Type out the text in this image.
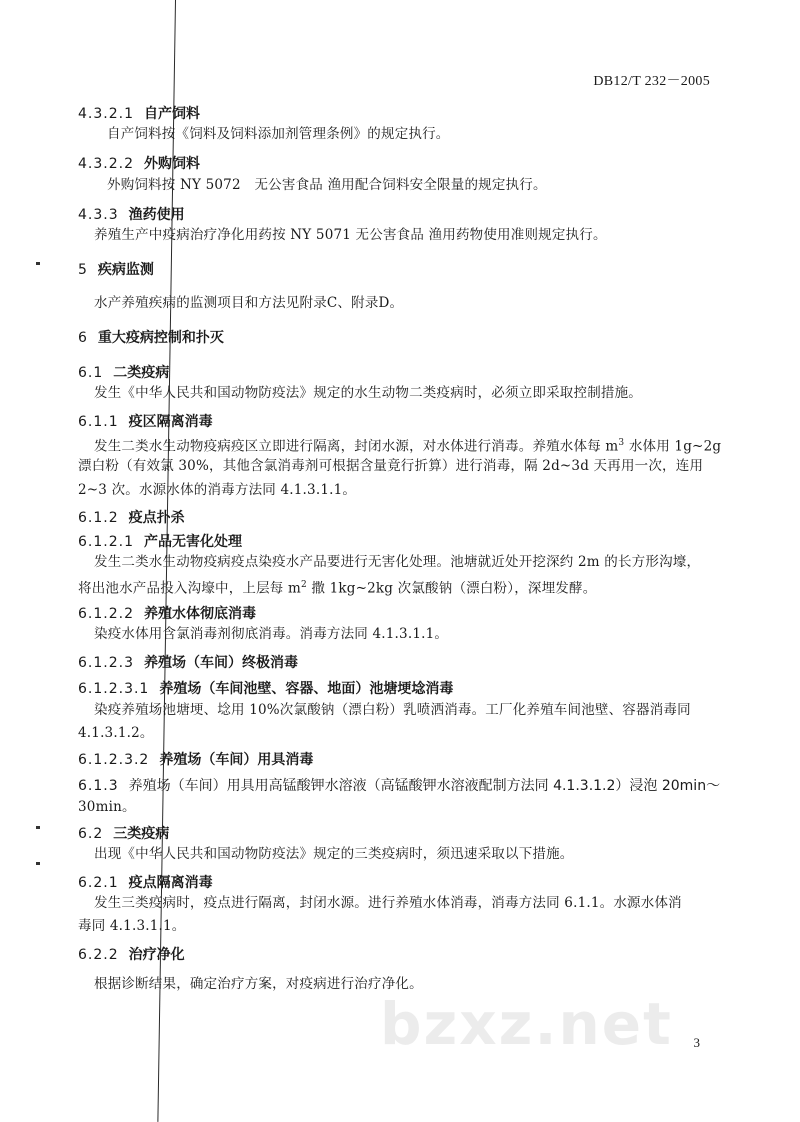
DB12/T 232－2005
4.3.2.1 自产饲料
自产饲料按《饲料及饲料添加剂管理条例》的规定执行。
4.3.2.2 外购饲料
外购饲料按 NY 5072　无公害食品 渔用配合饲料安全限量的规定执行。
4.3.3 渔药使用
养殖生产中疫病治疗净化用药按 NY 5071 无公害食品 渔用药物使用准则规定执行。
5 疾病监测
水产养殖疾病的监测项目和方法见附录C、附录D。
6 重大疫病控制和扑灭
6.1 二类疫病
发生《中华人民共和国动物防疫法》规定的水生动物二类疫病时，必须立即采取控制措施。
6.1.1 疫区隔离消毒
发生二类水生动物疫病疫区立即进行隔离，封闭水源，对水体进行消毒。养殖水体每 $m^3$ 水体用 1g~2g
漂白粉（有效氯 30%，其他含氯消毒剂可根据含量竟行折算）进行消毒，隔 2d~3d 天再用一次，连用
2~3 次。水源水体的消毒方法同 4.1.3.1.1。
6.1.2 疫点扑杀
6.1.2.1 产品无害化处理
发生二类水生动物疫病疫点染疫水产品要进行无害化处理。池塘就近处开挖深约 2m 的长方形沟壕，
将出池水产品投入沟壕中，上层每 $m^2$ 撒 1kg~2kg 次氯酸钠（漂白粉），深埋发酵。
6.1.2.2 养殖水体彻底消毒
染疫水体用含氯消毒剂彻底消毒。消毒方法同 4.1.3.1.1。
6.1.2.3 养殖场（车间）终极消毒
6.1.2.3.1 养殖场（车间池壁、容器、地面）池塘埂埝消毒
染疫养殖场池塘埂、埝用 10%次氯酸钠（漂白粉）乳喷洒消毒。工厂化养殖车间池壁、容器消毒同
4.1.3.1.2。
6.1.2.3.2 养殖场（车间）用具消毒
6.1.3 养殖场（车间）用具用高锰酸钾水溶液（高锰酸钾水溶液配制方法同 4.1.3.1.2）浸泡 20min～
30min。
6.2 三类疫病
出现《中华人民共和国动物防疫法》规定的三类疫病时，须迅速采取以下措施。
6.2.1 疫点隔离消毒
发生三类疫病时，疫点进行隔离，封闭水源。进行养殖水体消毒，消毒方法同 6.1.1。水源水体消
毒同 4.1.3.1.1。
6.2.2 治疗净化
根据诊断结果，确定治疗方案，对疫病进行治疗净化。
bzxz.net 3
